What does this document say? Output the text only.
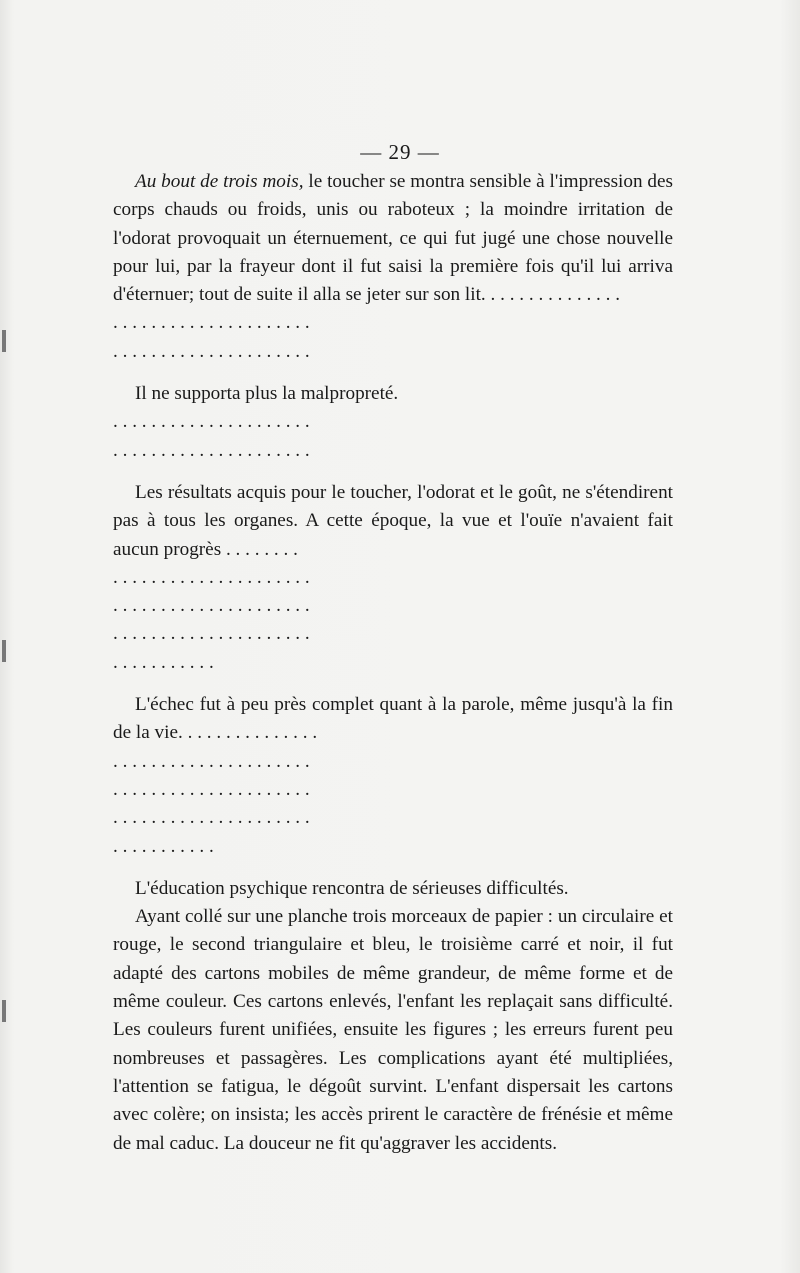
— 29 —

Au bout de trois mois, le toucher se montra sensible à l'impression des corps chauds ou froids, unis ou raboteux ; la moindre irritation de l'odorat provoquait un éternuement, ce qui fut jugé une chose nouvelle pour lui, par la frayeur dont il fut saisi la première fois qu'il lui arriva d'éternuer; tout de suite il alla se jeter sur son lit. . . . . . . . . . . . . . .

. . . . . . . . . . . . . . . . . . . . .

. . . . . . . . . . . . . . . . . . . . .

Il ne supporta plus la malpropreté.

. . . . . . . . . . . . . . . . . . . . .

. . . . . . . . . . . . . . . . . . . . .

Les résultats acquis pour le toucher, l'odorat et le goût, ne s'étendirent pas à tous les organes. A cette époque, la vue et l'ouïe n'avaient fait aucun progrès . . . . . . . .

. . . . . . . . . . . . . . . . . . . . .

. . . . . . . . . . . . . . . . . . . . .

. . . . . . . . . . . . . . . . . . . . .

. . . . . . . . . . .

L'échec fut à peu près complet quant à la parole, même jusqu'à la fin de la vie. . . . . . . . . . . . . . .

. . . . . . . . . . . . . . . . . . . . .

. . . . . . . . . . . . . . . . . . . . .

. . . . . . . . . . . . . . . . . . . . .

. . . . . . . . . . .

L'éducation psychique rencontra de sérieuses difficultés.

Ayant collé sur une planche trois morceaux de papier : un circulaire et rouge, le second triangulaire et bleu, le troisième carré et noir, il fut adapté des cartons mobiles de même grandeur, de même forme et de même couleur. Ces cartons enlevés, l'enfant les replaçait sans difficulté. Les couleurs furent unifiées, ensuite les figures ; les erreurs furent peu nombreuses et passagères. Les complications ayant été multipliées, l'attention se fatigua, le dégoût survint. L'enfant dispersait les cartons avec colère; on insista; les accès prirent le caractère de frénésie et même de mal caduc. La douceur ne fit qu'aggraver les accidents.
